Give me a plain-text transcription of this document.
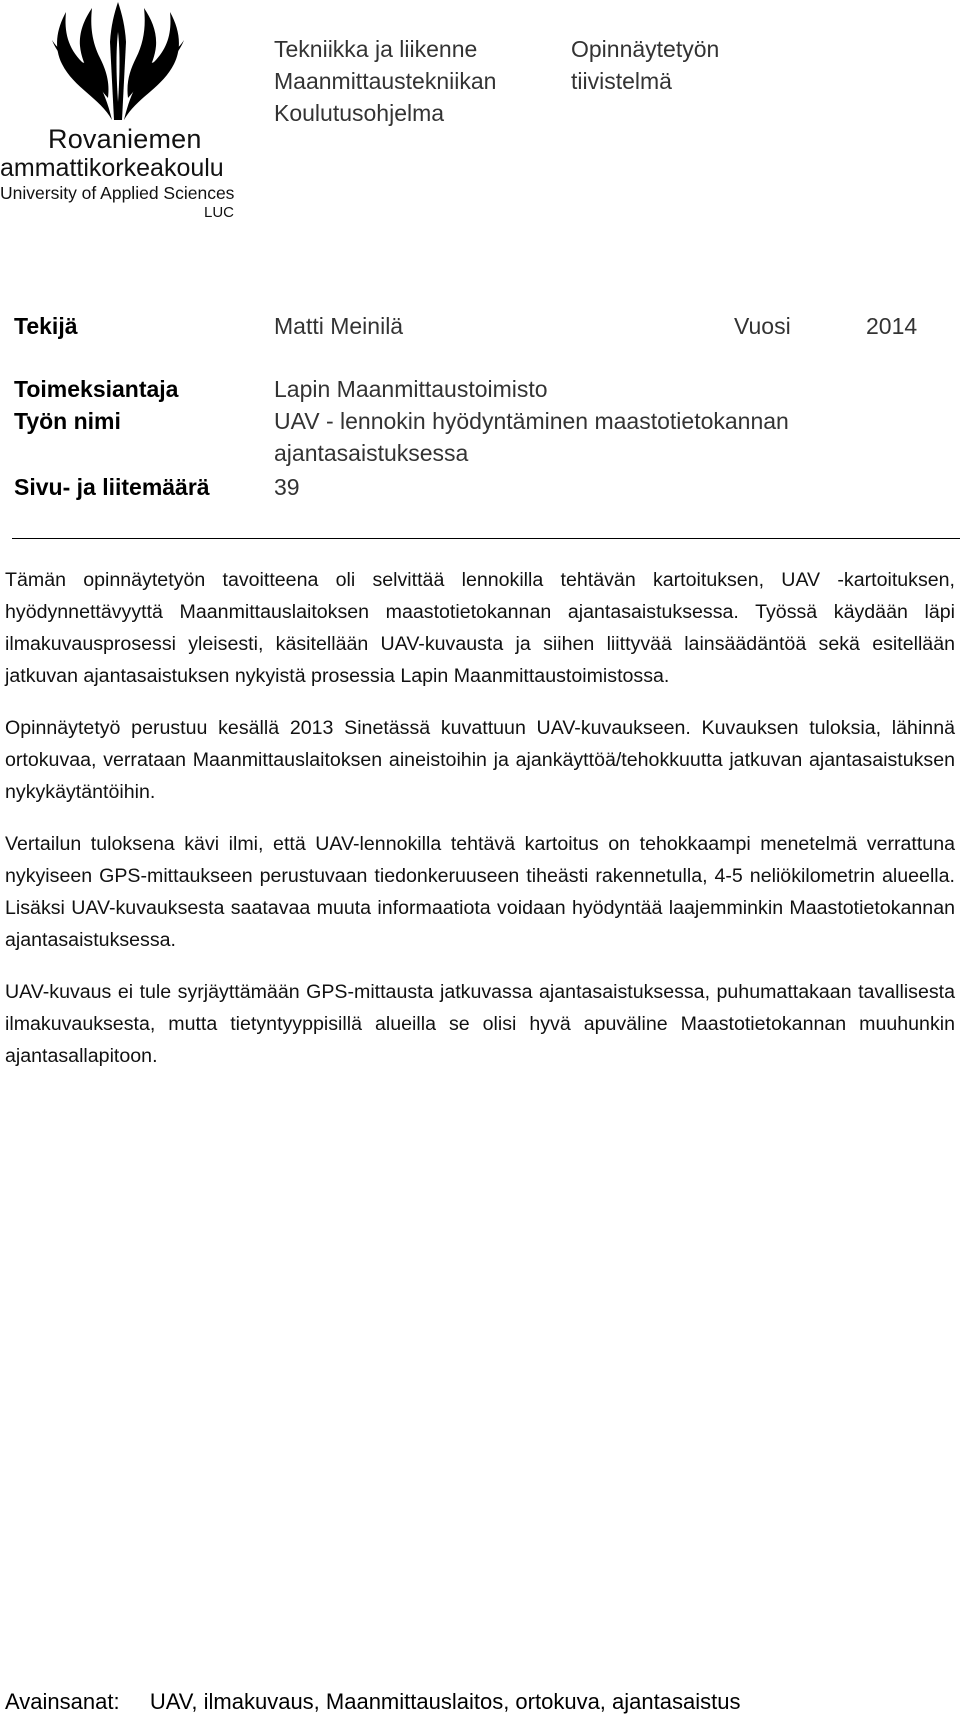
Rovaniemen
ammattikorkeakoulu
University of Applied Sciences
LUC
Tekniikka ja liikenne
Maanmittaustekniikan
Koulutusohjelma
Opinnäytetyön
tiivistelmä
Tekijä	Matti Meinilä	Vuosi	2014
Toimeksiantaja	Lapin Maanmittaustoimisto
Työn nimi	UAV - lennokin hyödyntäminen maastotietokannan
ajantasaistuksessa
Sivu- ja liitemäärä	39

Tämän opinnäytetyön tavoitteena oli selvittää lennokilla tehtävän kartoituksen, UAV -kartoituksen, hyödynnettävyyttä Maanmittauslaitoksen maastotietokannan ajantasaistuksessa. Työssä käydään läpi ilmakuvausprosessi yleisesti, käsitellään UAV-kuvausta ja siihen liittyvää lainsäädäntöä sekä esitellään jatkuvan ajantasaistuksen nykyistä prosessia Lapin Maanmittaustoimistossa.

Opinnäytetyö perustuu kesällä 2013 Sinetässä kuvattuun UAV-kuvaukseen. Kuvauksen tuloksia, lähinnä ortokuvaa, verrataan Maanmittauslaitoksen aineistoihin ja ajankäyttöä/tehokkuutta jatkuvan ajantasaistuksen nykykäytäntöihin.

Vertailun tuloksena kävi ilmi, että UAV-lennokilla tehtävä kartoitus on tehokkaampi menetelmä verrattuna nykyiseen GPS-mittaukseen perustuvaan tiedonkeruuseen tiheästi rakennetulla, 4-5 neliökilometrin alueella. Lisäksi UAV-kuvauksesta saatavaa muuta informaatiota voidaan hyödyntää laajemminkin Maastotietokannan ajantasaistuksessa.

UAV-kuvaus ei tule syrjäyttämään GPS-mittausta jatkuvassa ajantasaistuksessa, puhumattakaan tavallisesta ilmakuvauksesta, mutta tietyntyyppisillä alueilla se olisi hyvä apuväline Maastotietokannan muuhunkin ajantasallapitoon.

Avainsanat: UAV, ilmakuvaus, Maanmittauslaitos, ortokuva, ajantasaistus
